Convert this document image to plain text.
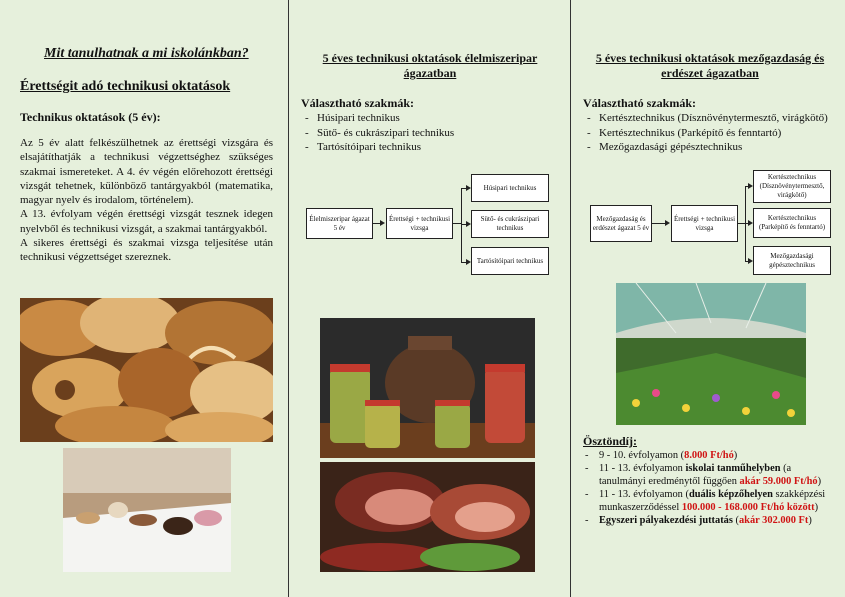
Mit tanulhatnak a mi iskolánkban?
Érettségit adó technikusi oktatások
Technikus oktatások (5 év):

Az 5 év alatt felkészülhetnek az érettségi vizsgára és elsajátíthatják a technikusi végzettséghez szükséges szakmai ismereteket. A 4. év végén előrehozott érettségi vizsgát tehetnek, különböző tantárgyakból (matematika, magyar nyelv és irodalom, történelem).

A 13. évfolyam végén érettségi vizsgát tesznek idegen nyelvből és technikusi vizsgát, a szakmai tantárgyakból.

A sikeres érettségi és szakmai vizsga teljesítése után technikusi végzettséget szereznek.

5 éves technikusi oktatások élelmiszeripar ágazatban
Választható szakmák:
- Húsipari technikus
- Sütő- és cukrászipari technikus
- Tartósítóipari technikus
Élelmiszeripar ágazat 5 év
Érettségi + technikusi vizsga
Húsipari technikus
Sütő- és cukrászipari technikus
Tartósítóipari technikus
5 éves technikusi oktatások mezőgazdaság és erdészet ágazatban
Választható szakmák:
- Kertésztechnikus (Dísznövénytermesztő, virágkötő)
- Kertésztechnikus (Parképítő és fenntartó)
- Mezőgazdasági gépésztechnikus
Mezőgazdaság és erdészet ágazat 5 év
Érettségi + technikusi vizsga
Kertésztechnikus (Dísznövénytermesztő, virágkötő)
Kertésztechnikus (Parképítő és fenntartó)
Mezőgazdasági gépésztechnikus
Ösztöndíj:
- 9 - 10. évfolyamon (8.000 Ft/hó)
- 11 - 13. évfolyamon iskolai tanműhelyben (a tanulmányi eredménytől függően akár 59.000 Ft/hó)
- 11 - 13. évfolyamon (duális képzőhelyen szakképzési munkaszerződéssel 100.000 - 168.000 Ft/hó között)
- Egyszeri pályakezdési juttatás (akár 302.000 Ft)
